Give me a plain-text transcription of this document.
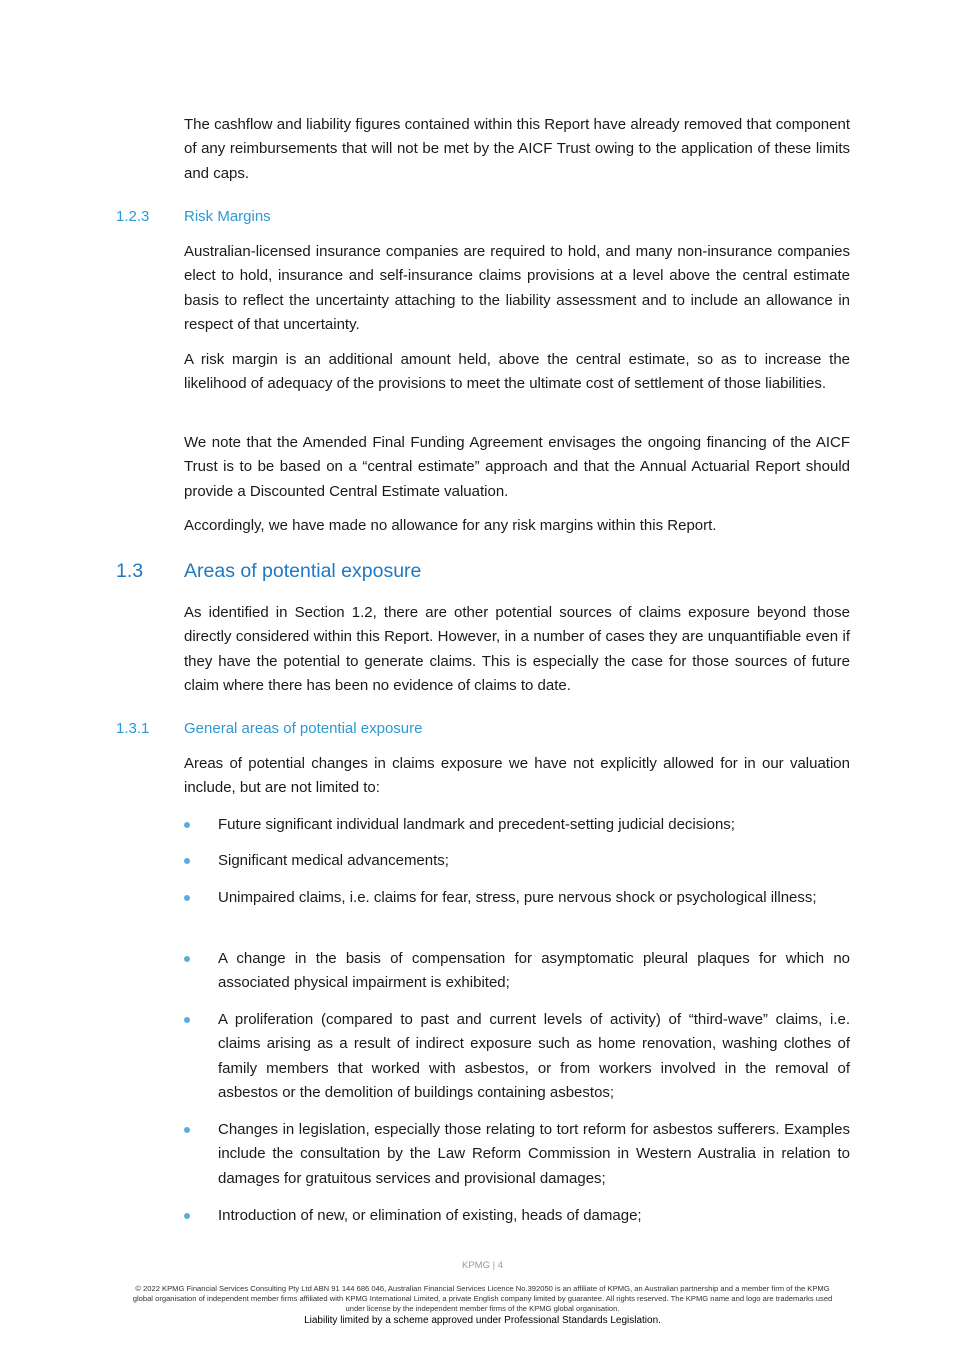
The cashflow and liability figures contained within this Report have already removed that component of any reimbursements that will not be met by the AICF Trust owing to the application of these limits and caps.

1.2.3 Risk Margins

Australian-licensed insurance companies are required to hold, and many non-insurance companies elect to hold, insurance and self-insurance claims provisions at a level above the central estimate basis to reflect the uncertainty attaching to the liability assessment and to include an allowance in respect of that uncertainty.

A risk margin is an additional amount held, above the central estimate, so as to increase the likelihood of adequacy of the provisions to meet the ultimate cost of settlement of those liabilities.

We note that the Amended Final Funding Agreement envisages the ongoing financing of the AICF Trust is to be based on a “central estimate” approach and that the Annual Actuarial Report should provide a Discounted Central Estimate valuation.

Accordingly, we have made no allowance for any risk margins within this Report.

1.3 Areas of potential exposure

As identified in Section 1.2, there are other potential sources of claims exposure beyond those directly considered within this Report. However, in a number of cases they are unquantifiable even if they have the potential to generate claims. This is especially the case for those sources of future claim where there has been no evidence of claims to date.

1.3.1 General areas of potential exposure

Areas of potential changes in claims exposure we have not explicitly allowed for in our valuation include, but are not limited to:

Future significant individual landmark and precedent-setting judicial decisions;

Significant medical advancements;

Unimpaired claims, i.e. claims for fear, stress, pure nervous shock or psychological illness;

A change in the basis of compensation for asymptomatic pleural plaques for which no associated physical impairment is exhibited;

A proliferation (compared to past and current levels of activity) of “third-wave” claims, i.e. claims arising as a result of indirect exposure such as home renovation, washing clothes of family members that worked with asbestos, or from workers involved in the removal of asbestos or the demolition of buildings containing asbestos;

Changes in legislation, especially those relating to tort reform for asbestos sufferers. Examples include the consultation by the Law Reform Commission in Western Australia in relation to damages for gratuitous services and provisional damages;

Introduction of new, or elimination of existing, heads of damage;

KPMG | 4
© 2022 KPMG Financial Services Consulting Pty Ltd ABN 91 144 686 046, Australian Financial Services Licence No.392050 is an affiliate of KPMG, an Australian partnership and a member firm of the KPMG global organisation of independent member firms affiliated with KPMG International Limited, a private English company limited by guarantee. All rights reserved. The KPMG name and logo are trademarks used under license by the independent member firms of the KPMG global organisation.
Liability limited by a scheme approved under Professional Standards Legislation.
